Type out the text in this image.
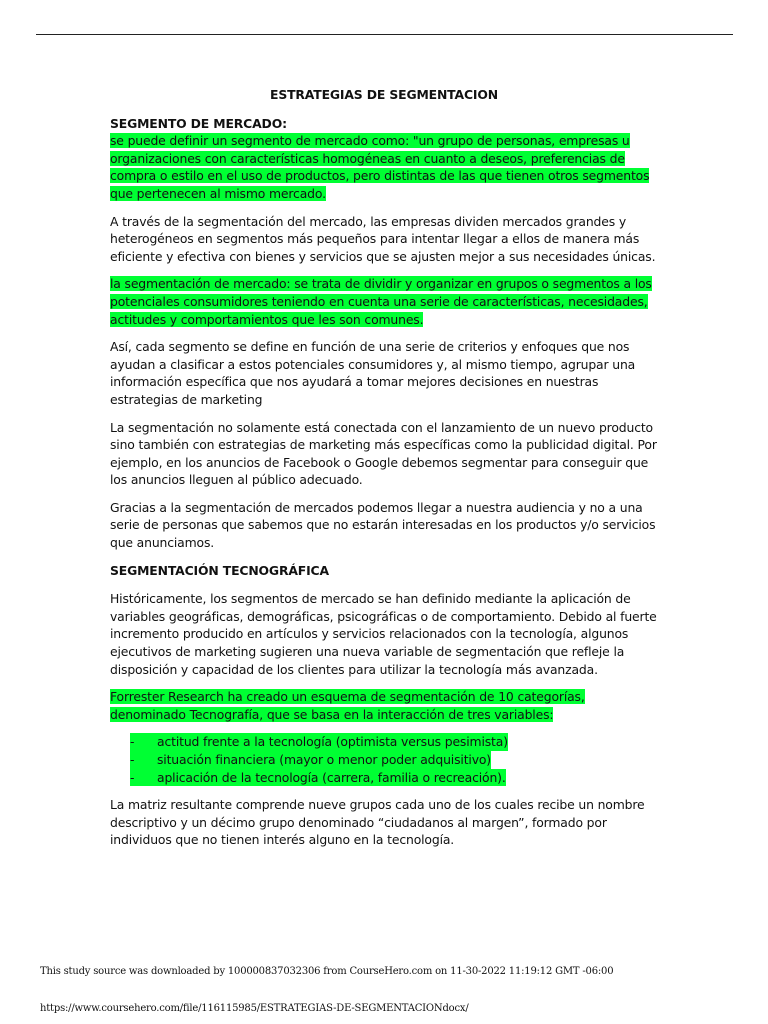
ESTRATEGIAS DE SEGMENTACION
SEGMENTO DE MERCADO:

se puede definir un segmento de mercado como: "un grupo de personas, empresas u organizaciones con características homogéneas en cuanto a deseos, preferencias de compra o estilo en el uso de productos, pero distintas de las que tienen otros segmentos que pertenecen al mismo mercado.

A través de la segmentación del mercado, las empresas dividen mercados grandes y heterogéneos en segmentos más pequeños para intentar llegar a ellos de manera más eficiente y efectiva con bienes y servicios que se ajusten mejor a sus necesidades únicas.

la segmentación de mercado: se trata de dividir y organizar en grupos o segmentos a los potenciales consumidores teniendo en cuenta una serie de características, necesidades, actitudes y comportamientos que les son comunes.

Así, cada segmento se define en función de una serie de criterios y enfoques que nos ayudan a clasificar a estos potenciales consumidores y, al mismo tiempo, agrupar una información específica que nos ayudará a tomar mejores decisiones en nuestras estrategias de marketing

La segmentación no solamente está conectada con el lanzamiento de un nuevo producto sino también con estrategias de marketing más específicas como la publicidad digital. Por ejemplo, en los anuncios de Facebook o Google debemos segmentar para conseguir que los anuncios lleguen al público adecuado.

Gracias a la segmentación de mercados podemos llegar a nuestra audiencia y no a una serie de personas que sabemos que no estarán interesadas en los productos y/o servicios que anunciamos.

SEGMENTACIÓN TECNOGRÁFICA

Históricamente, los segmentos de mercado se han definido mediante la aplicación de variables geográficas, demográficas, psicográficas o de comportamiento. Debido al fuerte incremento producido en artículos y servicios relacionados con la tecnología, algunos ejecutivos de marketing sugieren una nueva variable de segmentación que refleje la disposición y capacidad de los clientes para utilizar la tecnología más avanzada.

Forrester Research ha creado un esquema de segmentación de 10 categorías, denominado Tecnografía, que se basa en la interacción de tres variables:

-	actitud frente a la tecnología (optimista versus pesimista)
-	situación financiera (mayor o menor poder adquisitivo)
-	aplicación de la tecnología (carrera, familia o recreación).

La matriz resultante comprende nueve grupos cada uno de los cuales recibe un nombre descriptivo y un décimo grupo denominado “ciudadanos al margen”, formado por individuos que no tienen interés alguno en la tecnología.

This study source was downloaded by 100000837032306 from CourseHero.com on 11-30-2022 11:19:12 GMT -06:00
https://www.coursehero.com/file/116115985/ESTRATEGIAS-DE-SEGMENTACIONdocx/
